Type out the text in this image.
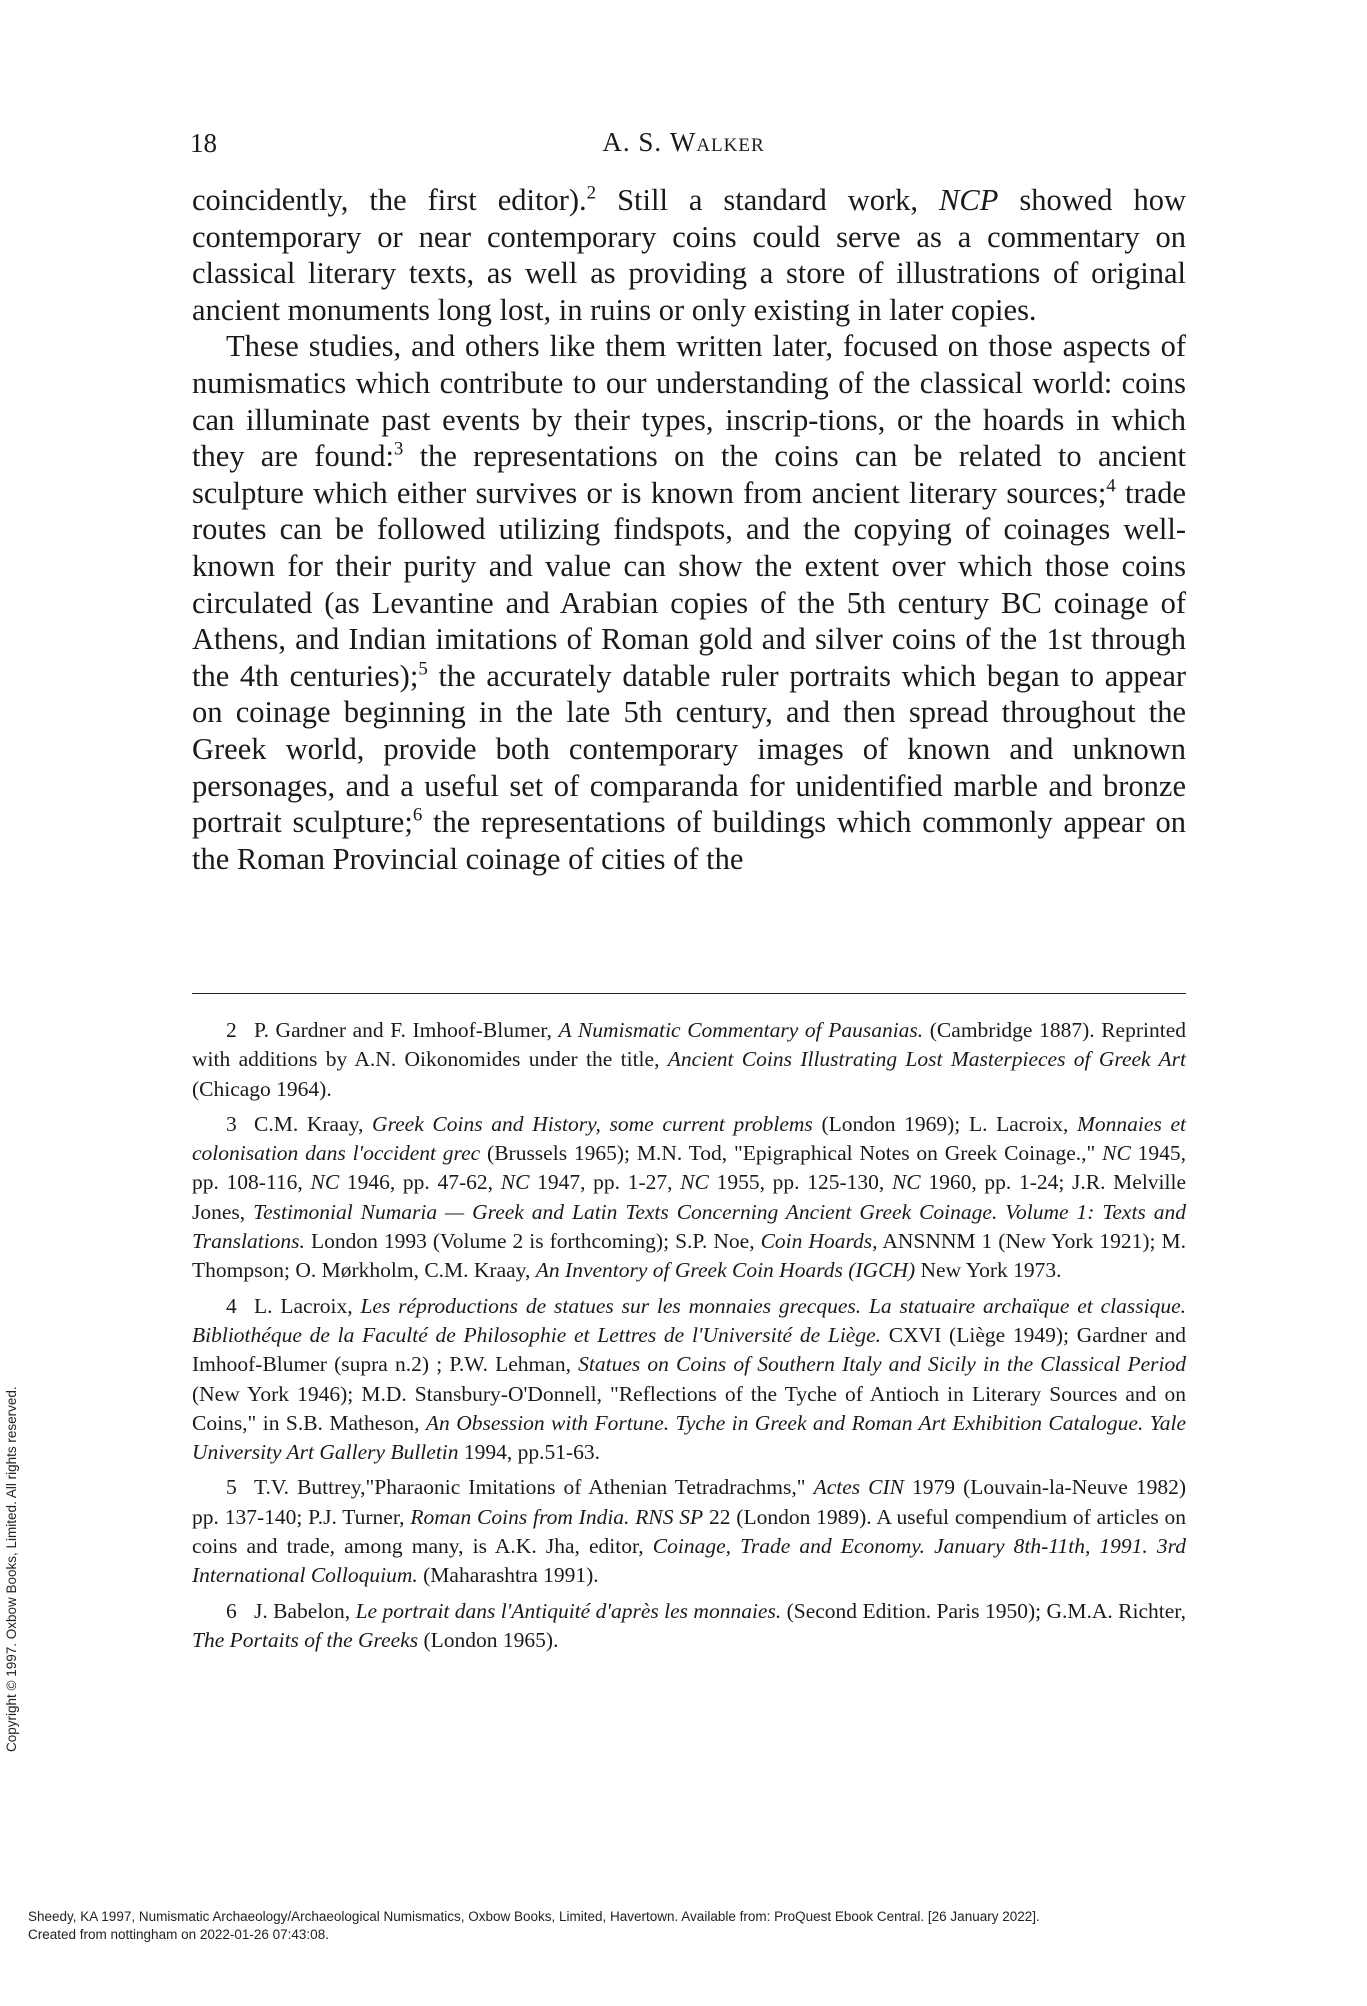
18	A. S. Walker

coincidently, the first editor).$^2$ Still a standard work, NCP showed how contemporary or near contemporary coins could serve as a commentary on classical literary texts, as well as providing a store of illustrations of original ancient monuments long lost, in ruins or only existing in later copies.

These studies, and others like them written later, focused on those aspects of numismatics which contribute to our understanding of the classical world: coins can illuminate past events by their types, inscrip-tions, or the hoards in which they are found:$^3$ the representations on the coins can be related to ancient sculpture which either survives or is known from ancient literary sources;$^4$ trade routes can be followed utilizing findspots, and the copying of coinages well-known for their purity and value can show the extent over which those coins circulated (as Levantine and Arabian copies of the 5th century BC coinage of Athens, and Indian imitations of Roman gold and silver coins of the 1st through the 4th centuries);$^5$ the accurately datable ruler portraits which began to appear on coinage beginning in the late 5th century, and then spread throughout the Greek world, provide both contemporary images of known and unknown personages, and a useful set of comparanda for unidentified marble and bronze portrait sculpture;$^6$ the representations of buildings which commonly appear on the Roman Provincial coinage of cities of the

2 P. Gardner and F. Imhoof-Blumer, A Numismatic Commentary of Pausanias. (Cambridge 1887). Reprinted with additions by A.N. Oikonomides under the title, Ancient Coins Illustrating Lost Masterpieces of Greek Art (Chicago 1964).

3 C.M. Kraay, Greek Coins and History, some current problems (London 1969); L. Lacroix, Monnaies et colonisation dans l'occident grec (Brussels 1965); M.N. Tod, "Epigraphical Notes on Greek Coinage.," NC 1945, pp. 108-116, NC 1946, pp. 47-62, NC 1947, pp. 1-27, NC 1955, pp. 125-130, NC 1960, pp. 1-24; J.R. Melville Jones, Testimonial Numaria — Greek and Latin Texts Concerning Ancient Greek Coinage. Volume 1: Texts and Translations. London 1993 (Volume 2 is forthcoming); S.P. Noe, Coin Hoards, ANSNNM 1 (New York 1921); M. Thompson; O. Mørkholm, C.M. Kraay, An Inventory of Greek Coin Hoards (IGCH) New York 1973.

4 L. Lacroix, Les réproductions de statues sur les monnaies grecques. La statuaire archaïque et classique. Bibliothéque de la Faculté de Philosophie et Lettres de l'Université de Liège. CXVI (Liège 1949); Gardner and Imhoof-Blumer (supra n.2) ; P.W. Lehman, Statues on Coins of Southern Italy and Sicily in the Classical Period (New York 1946); M.D. Stansbury-O'Donnell, "Reflections of the Tyche of Antioch in Literary Sources and on Coins," in S.B. Matheson, An Obsession with Fortune. Tyche in Greek and Roman Art Exhibition Catalogue. Yale University Art Gallery Bulletin 1994, pp.51-63.

5 T.V. Buttrey,"Pharaonic Imitations of Athenian Tetradrachms," Actes CIN 1979 (Louvain-la-Neuve 1982) pp. 137-140; P.J. Turner, Roman Coins from India. RNS SP 22 (London 1989). A useful compendium of articles on coins and trade, among many, is A.K. Jha, editor, Coinage, Trade and Economy. January 8th-11th, 1991. 3rd International Colloquium. (Maharashtra 1991).

6 J. Babelon, Le portrait dans l'Antiquité d'après les monnaies. (Second Edition. Paris 1950); G.M.A. Richter, The Portaits of the Greeks (London 1965).

Copyright © 1997. Oxbow Books, Limited. All rights reserved.
Sheedy, KA 1997, Numismatic Archaeology/Archaeological Numismatics, Oxbow Books, Limited, Havertown. Available from: ProQuest Ebook Central. [26 January 2022].
Created from nottingham on 2022-01-26 07:43:08.
